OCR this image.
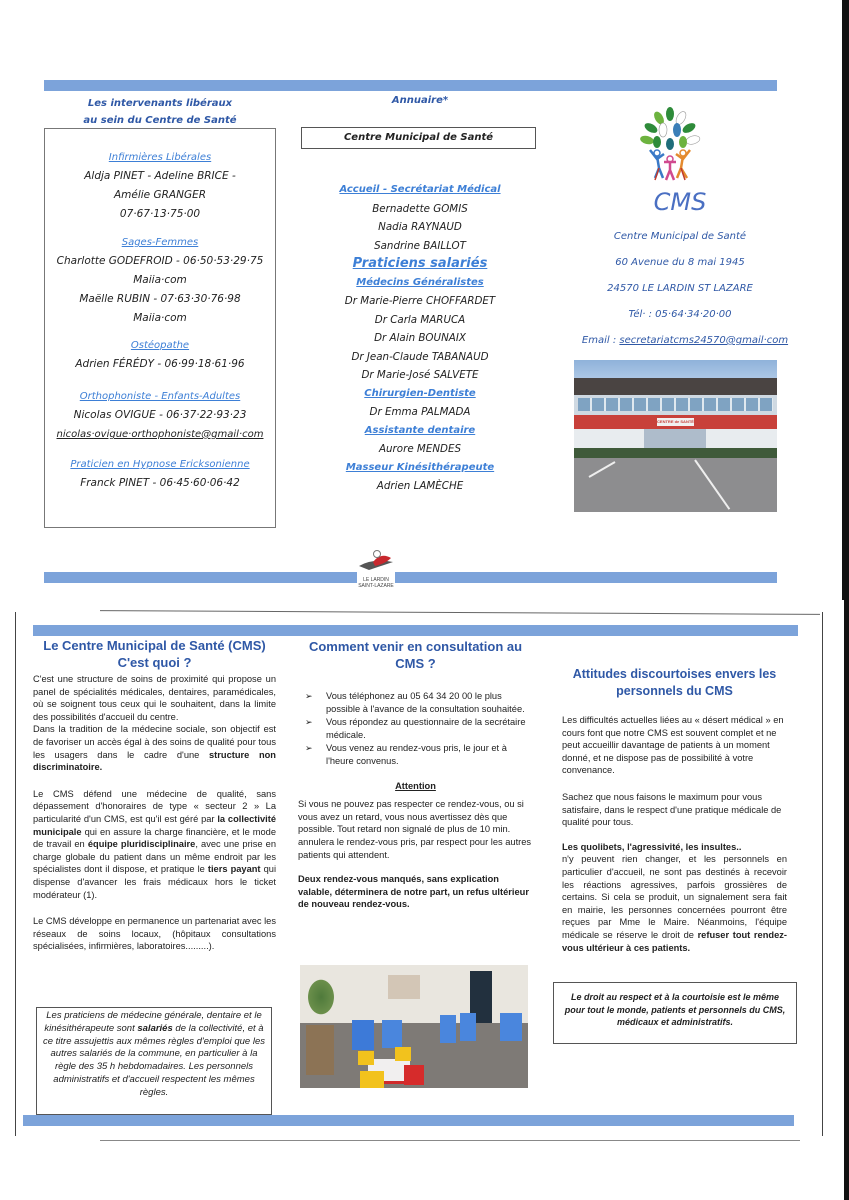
Les intervenants libéraux
au sein du Centre de Santé
Infirmières Libérales
Aldja PINET - Adeline BRICE -
Amélie GRANGER
07·67·13·75·00
Sages-Femmes
Charlotte GODEFROID - 06·50·53·29·75
Maiia·com
Maëlle RUBIN - 07·63·30·76·98
Maiia·com
Ostéopathe
Adrien FÉRÉDY - 06·99·18·61·96
Orthophoniste - Enfants-Adultes
Nicolas OVIGUE - 06·37·22·93·23
nicolas·ovigue·orthophoniste@gmail·com
Praticien en Hypnose Ericksonienne
Franck PINET - 06·45·60·06·42
Annuaire*
Centre Municipal de Santé
Accueil - Secrétariat Médical
Bernadette GOMIS
Nadia RAYNAUD
Sandrine BAILLOT
Praticiens salariés
Médecins Généralistes
Dr Marie-Pierre CHOFFARDET
Dr Carla MARUCA
Dr Alain BOUNAIX
Dr Jean-Claude TABANAUD
Dr Marie-José SALVETE
Chirurgien-Dentiste
Dr Emma PALMADA
Assistante dentaire
Aurore MENDES
Masseur Kinésithérapeute
Adrien LAMÈCHE
CMS
Centre Municipal de Santé
60 Avenue du 8 mai 1945
24570 LE LARDIN ST LAZARE
Tél· : 05·64·34·20·00
Email : secretariatcms24570@gmail·com
CENTRE de SANTÉ
LE LARDIN
SAINT-LAZARE
Le Centre Municipal de Santé (CMS)
C'est quoi ?
C'est une structure de soins de proximité qui propose un panel de spécialités médicales, dentaires, paramédicales, où se soignent tous ceux qui le souhaitent, dans la limite des possibilités d'accueil du centre.
Dans la tradition de la médecine sociale, son objectif est de favoriser un accès égal à des soins de qualité pour tous les usagers dans le cadre d'une structure non discriminatoire.
Le CMS défend une médecine de qualité, sans dépassement d'honoraires de type « secteur 2 » La particularité d'un CMS, est qu'il est géré par la collectivité municipale qui en assure la charge financière, et le mode de travail en équipe pluridisciplinaire, avec une prise en charge globale du patient dans un même endroit par les spécialistes dont il dispose, et pratique le tiers payant qui dispense d'avancer les frais médicaux hors le ticket modérateur (1).
Le CMS développe en permanence un partenariat avec les réseaux de soins locaux, (hôpitaux consultations spécialisées, infirmières, laboratoires.........).
Les praticiens de médecine générale, dentaire et le kinésithérapeute sont salariés de la collectivité, et à ce titre assujettis aux mêmes règles d'emploi que les autres salariés de la commune, en particulier à la règle des 35 h hebdomadaires. Les personnels administratifs et d'accueil respectent les mêmes règles.
Comment venir en consultation au CMS ?
➢ Vous téléphonez au 05 64 34 20 00 le plus possible à l'avance de la consultation souhaitée.
➢ Vous répondez au questionnaire de la secrétaire médicale.
➢ Vous venez au rendez-vous pris, le jour et à l'heure convenus.
Attention
Si vous ne pouvez pas respecter ce rendez-vous, ou si vous avez un retard, vous nous avertissez dès que possible. Tout retard non signalé de plus de 10 min. annulera le rendez-vous pris, par respect pour les autres patients qui attendent.
Deux rendez-vous manqués, sans explication valable, déterminera de notre part, un refus ultérieur de nouveau rendez-vous.
Attitudes discourtoises envers les personnels du CMS
Les difficultés actuelles liées au « désert médical » en cours font que notre CMS est souvent complet et ne peut accueillir davantage de patients à un moment donné, et ne dispose pas de possibilité à votre convenance.
Sachez que nous faisons le maximum pour vous satisfaire, dans le respect d'une pratique médicale de qualité pour tous.
Les quolibets, l'agressivité, les insultes..
n'y peuvent rien changer, et les personnels en particulier d'accueil, ne sont pas destinés à recevoir les réactions agressives, parfois grossières de certains. Si cela se produit, un signalement sera fait en mairie, les personnes concernées pourront être reçues par Mme le Maire. Néanmoins, l'équipe médicale se réserve le droit de refuser tout rendez-vous ultérieur à ces patients.
Le droit au respect et à la courtoisie est le même pour tout le monde, patients et personnels du CMS, médicaux et administratifs.
